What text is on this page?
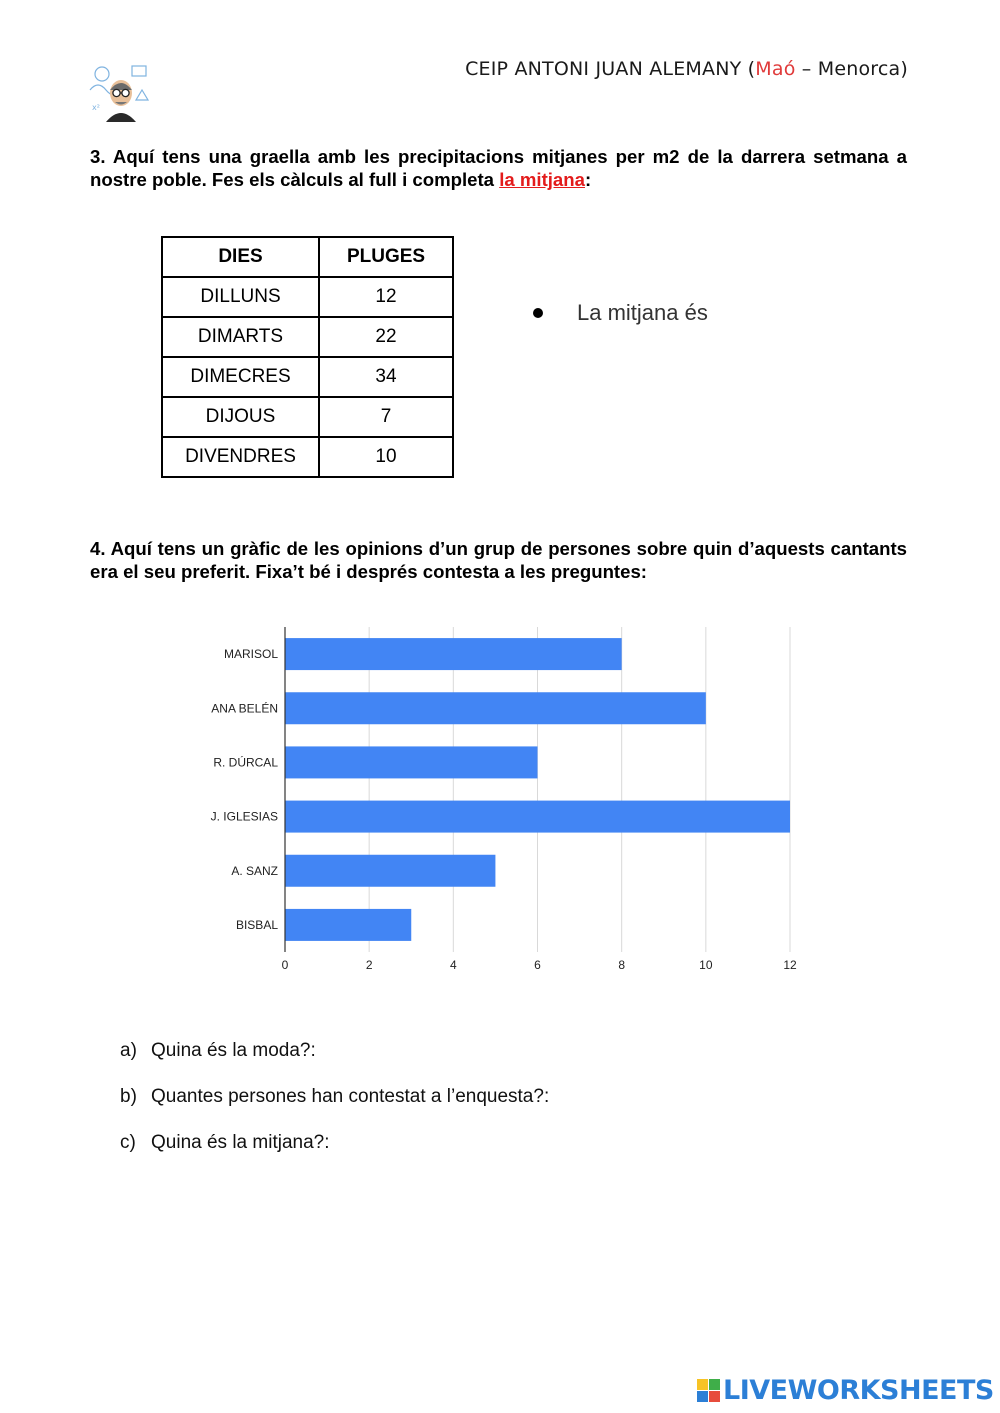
x²
CEIP ANTONI JUAN ALEMANY (Maó – Menorca)
3. Aquí tens una graella amb les precipitacions mitjanes per m2 de la darrera setmana a nostre poble. Fes els càlculs al full i completa la mitjana:
DIES	PLUGES
DILLUNS	12
DIMARTS	22
DIMECRES	34
DIJOUS	7
DIVENDRES	10
La mitjana és
4. Aquí tens un gràfic de les opinions d’un grup de persones sobre quin d’aquests cantants era el seu preferit. Fixa’t bé i després contesta a les preguntes:
MARISOL
ANA BELÉN
R. DÚRCAL
J. IGLESIAS
A. SANZ
BISBAL
0	2	4	6	8	10	12
a) Quina és la moda?:
b) Quantes persones han contestat a l’enquesta?:
c) Quina és la mitjana?:
LIVEWORKSHEETS
